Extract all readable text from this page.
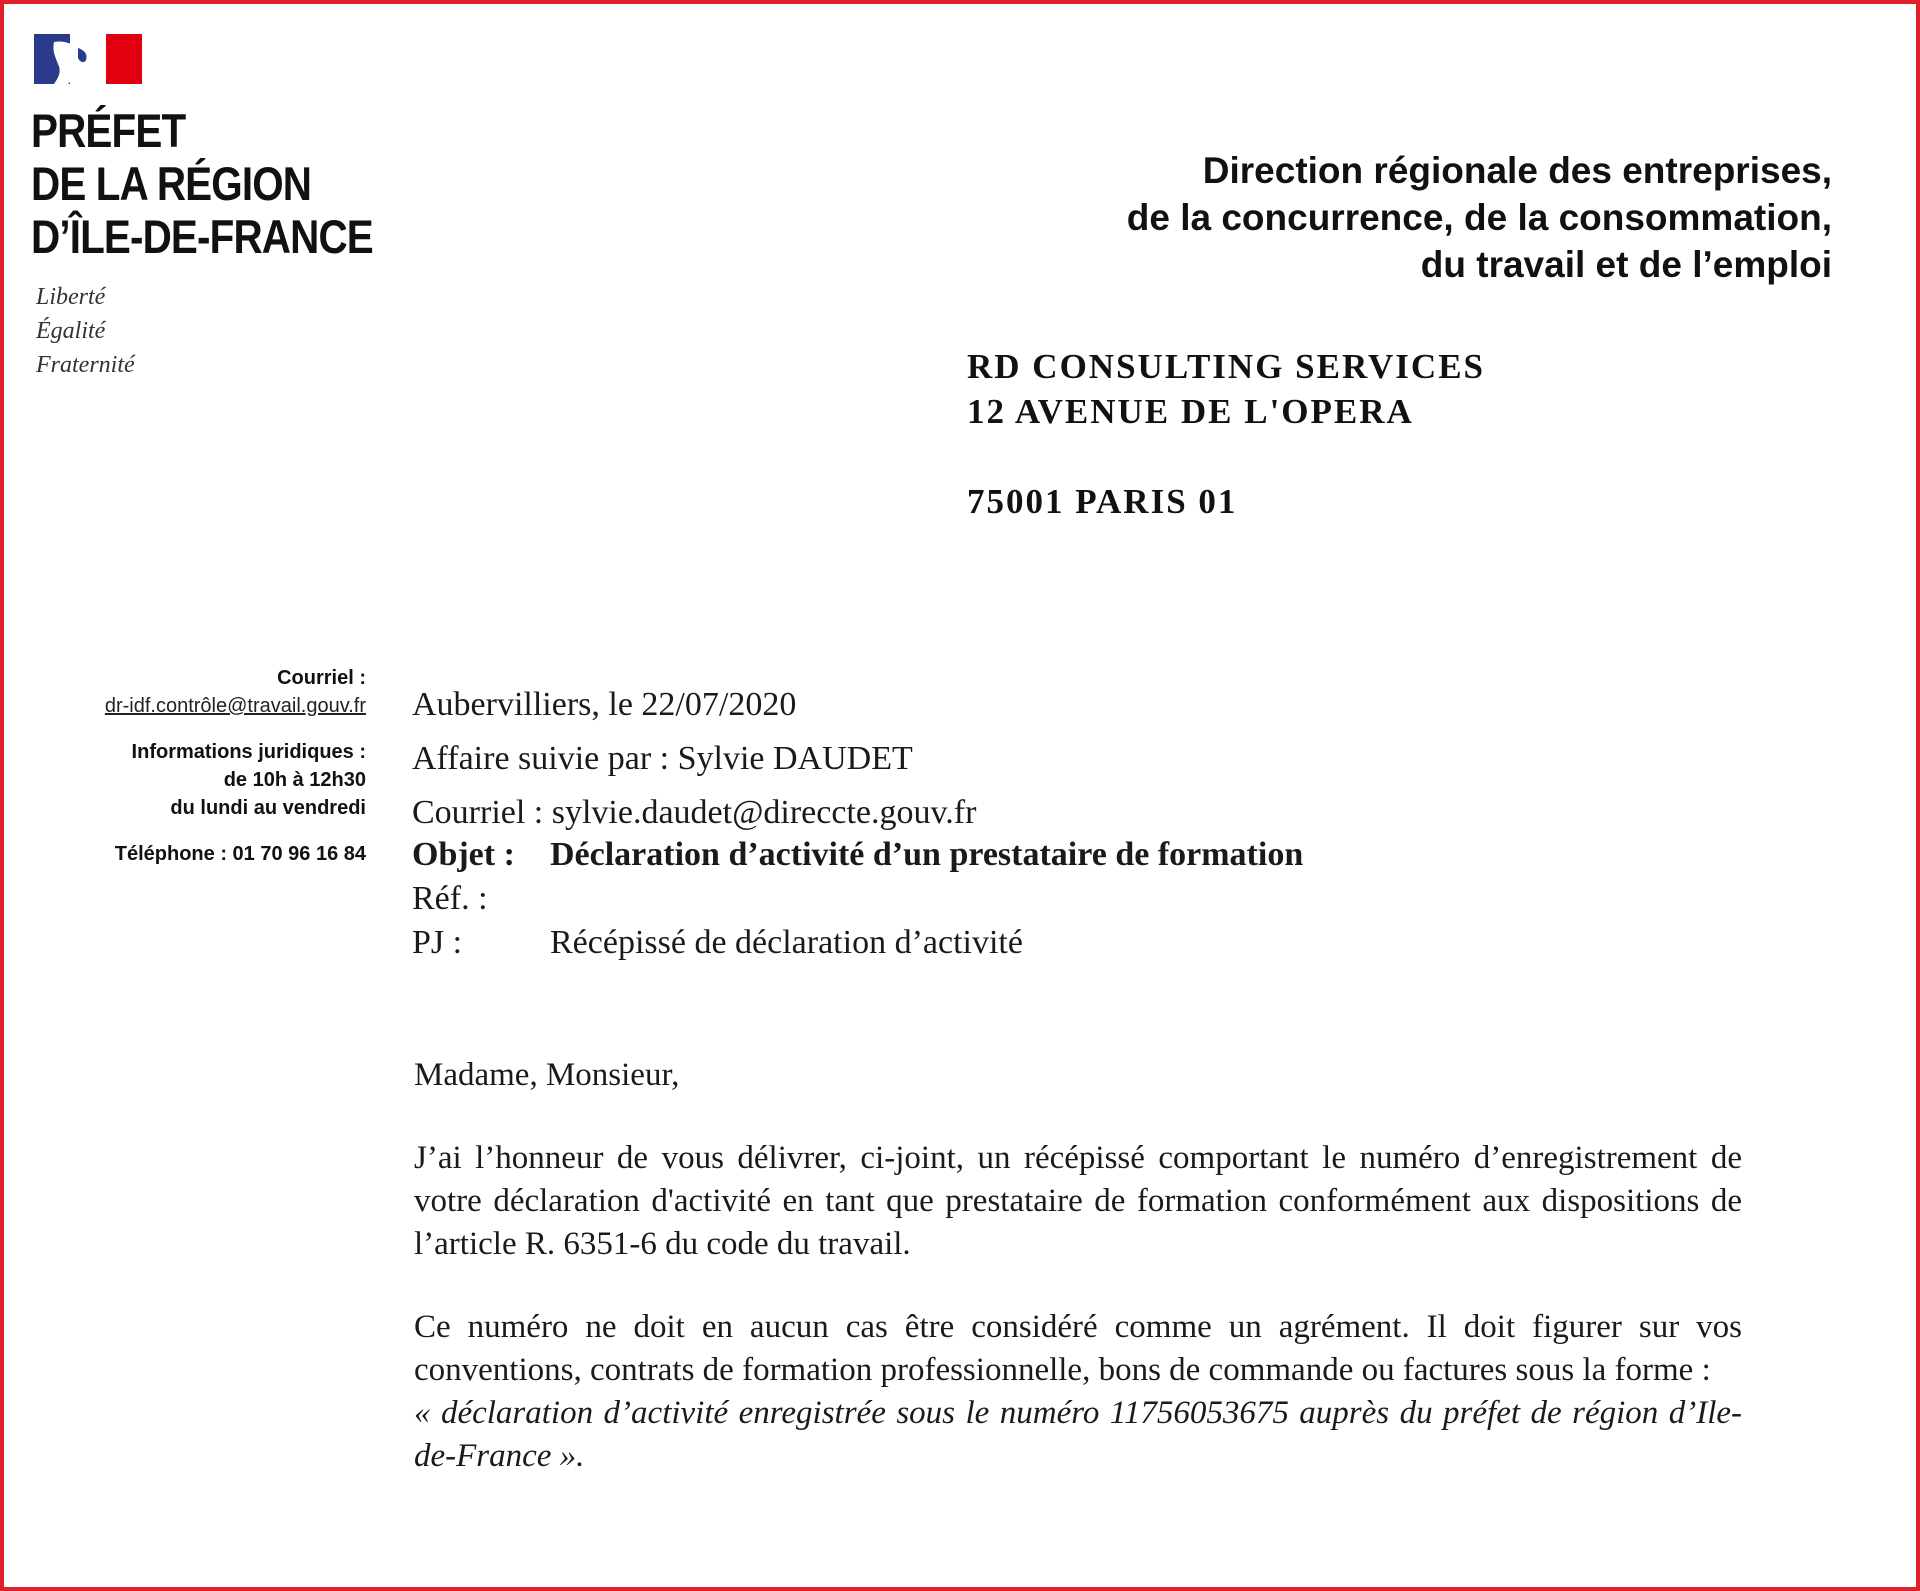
PRÉFET
DE LA RÉGION
D’ÎLE-DE-FRANCE
Liberté
Égalité
Fraternité
Direction régionale des entreprises,
de la concurrence, de la consommation,
du travail et de l’emploi
RD CONSULTING SERVICES
12 AVENUE DE L'OPERA
75001 PARIS 01
Courriel :
dr-idf.contrôle@travail.gouv.fr
Informations juridiques :
de 10h à 12h30
du lundi au vendredi
Téléphone : 01 70 96 16 84
Aubervilliers, le 22/07/2020
Affaire suivie par : Sylvie DAUDET
Courriel : sylvie.daudet@direccte.gouv.fr
Objet : Déclaration d’activité d’un prestataire de formation
Réf. :
PJ :	Récépissé de déclaration d’activité

Madame, Monsieur,

J’ai l’honneur de vous délivrer, ci-joint, un récépissé comportant le numéro d’enregistrement de votre déclaration d'activité en tant que prestataire de formation conformément aux dispositions de l’article R. 6351-6 du code du travail.

Ce numéro ne doit en aucun cas être considéré comme un agrément. Il doit figurer sur vos conventions, contrats de formation professionnelle, bons de commande ou factures sous la forme :

« déclaration d’activité enregistrée sous le numéro 11756053675 auprès du préfet de région d’Ile-de-France ».
